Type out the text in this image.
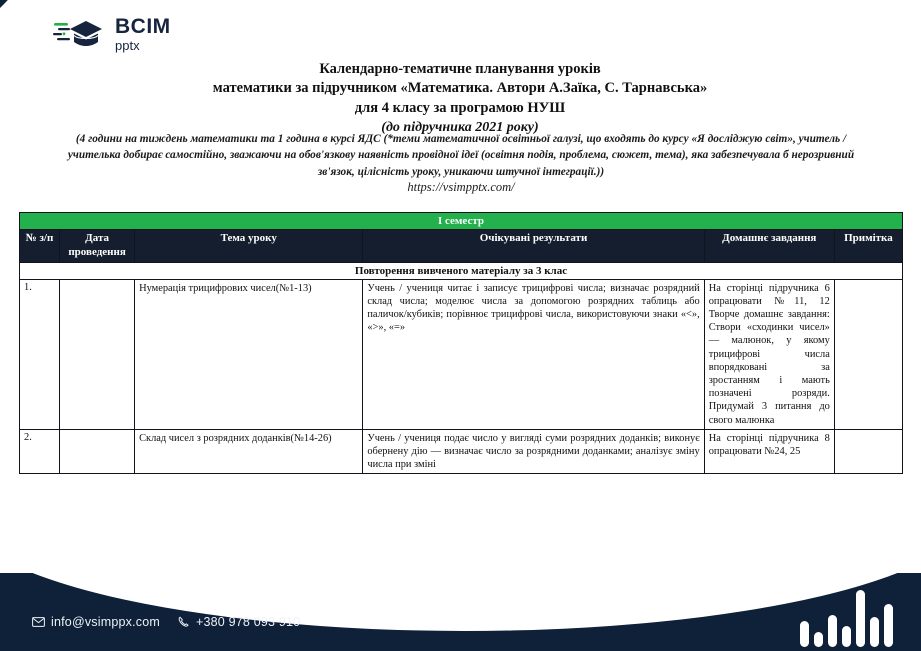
BCIM
pptx
Календарно-тематичне планування уроків
математики за підручником «Математика. Автори А.Заїка, С. Тарнавська»
для 4 класу за програмою НУШ
(до підручника 2021 року)
(4 години на тиждень математики та 1 година в курсі ЯДС (*теми математичної освітньої галузі, що входять до курсу «Я досліджую світ», учитель / учителька добирає самостійно, зважаючи на обов'язкову наявність провідної ідеї (освітня подія, проблема, сюжет, тема), яка забезпечувала б нерозривний зв'язок, цілісність уроку, уникаючи штучної інтеграції.))
https://vsimpptx.com/
І семестр					
№ з/п	Дата проведення	Тема уроку	Очікувані результати	Домашнє завдання	Примітка
Повторення вивченого матеріалу за 3 клас					
1.		Нумерація трицифрових чисел(№1-13)	Учень / учениця читає і записує трицифрові числа; визначає розрядний склад числа; моделює числа за допомогою розрядних таблиць або паличок/кубиків; порівнює трицифрові числа, використовуючи знаки «<», «>», «=»	На сторінці підручника 6 опрацювати №11, 12 Творче домашнє завдання: Створи «сходинки чисел» — малюнок, у якому трицифрові числа впорядковані за зростанням і мають позначені розряди. Придумай 3 питання до свого малюнка	
2.		Склад чисел з розрядних доданків(№14-26)	Учень / учениця подає число у вигляді суми розрядних доданків; виконує обернену дію — визначає число за розрядними доданками; аналізує зміну числа при зміні	На сторінці підручника 8 опрацювати №24, 25	
info@vsimppx.com	+380 978 093 910
